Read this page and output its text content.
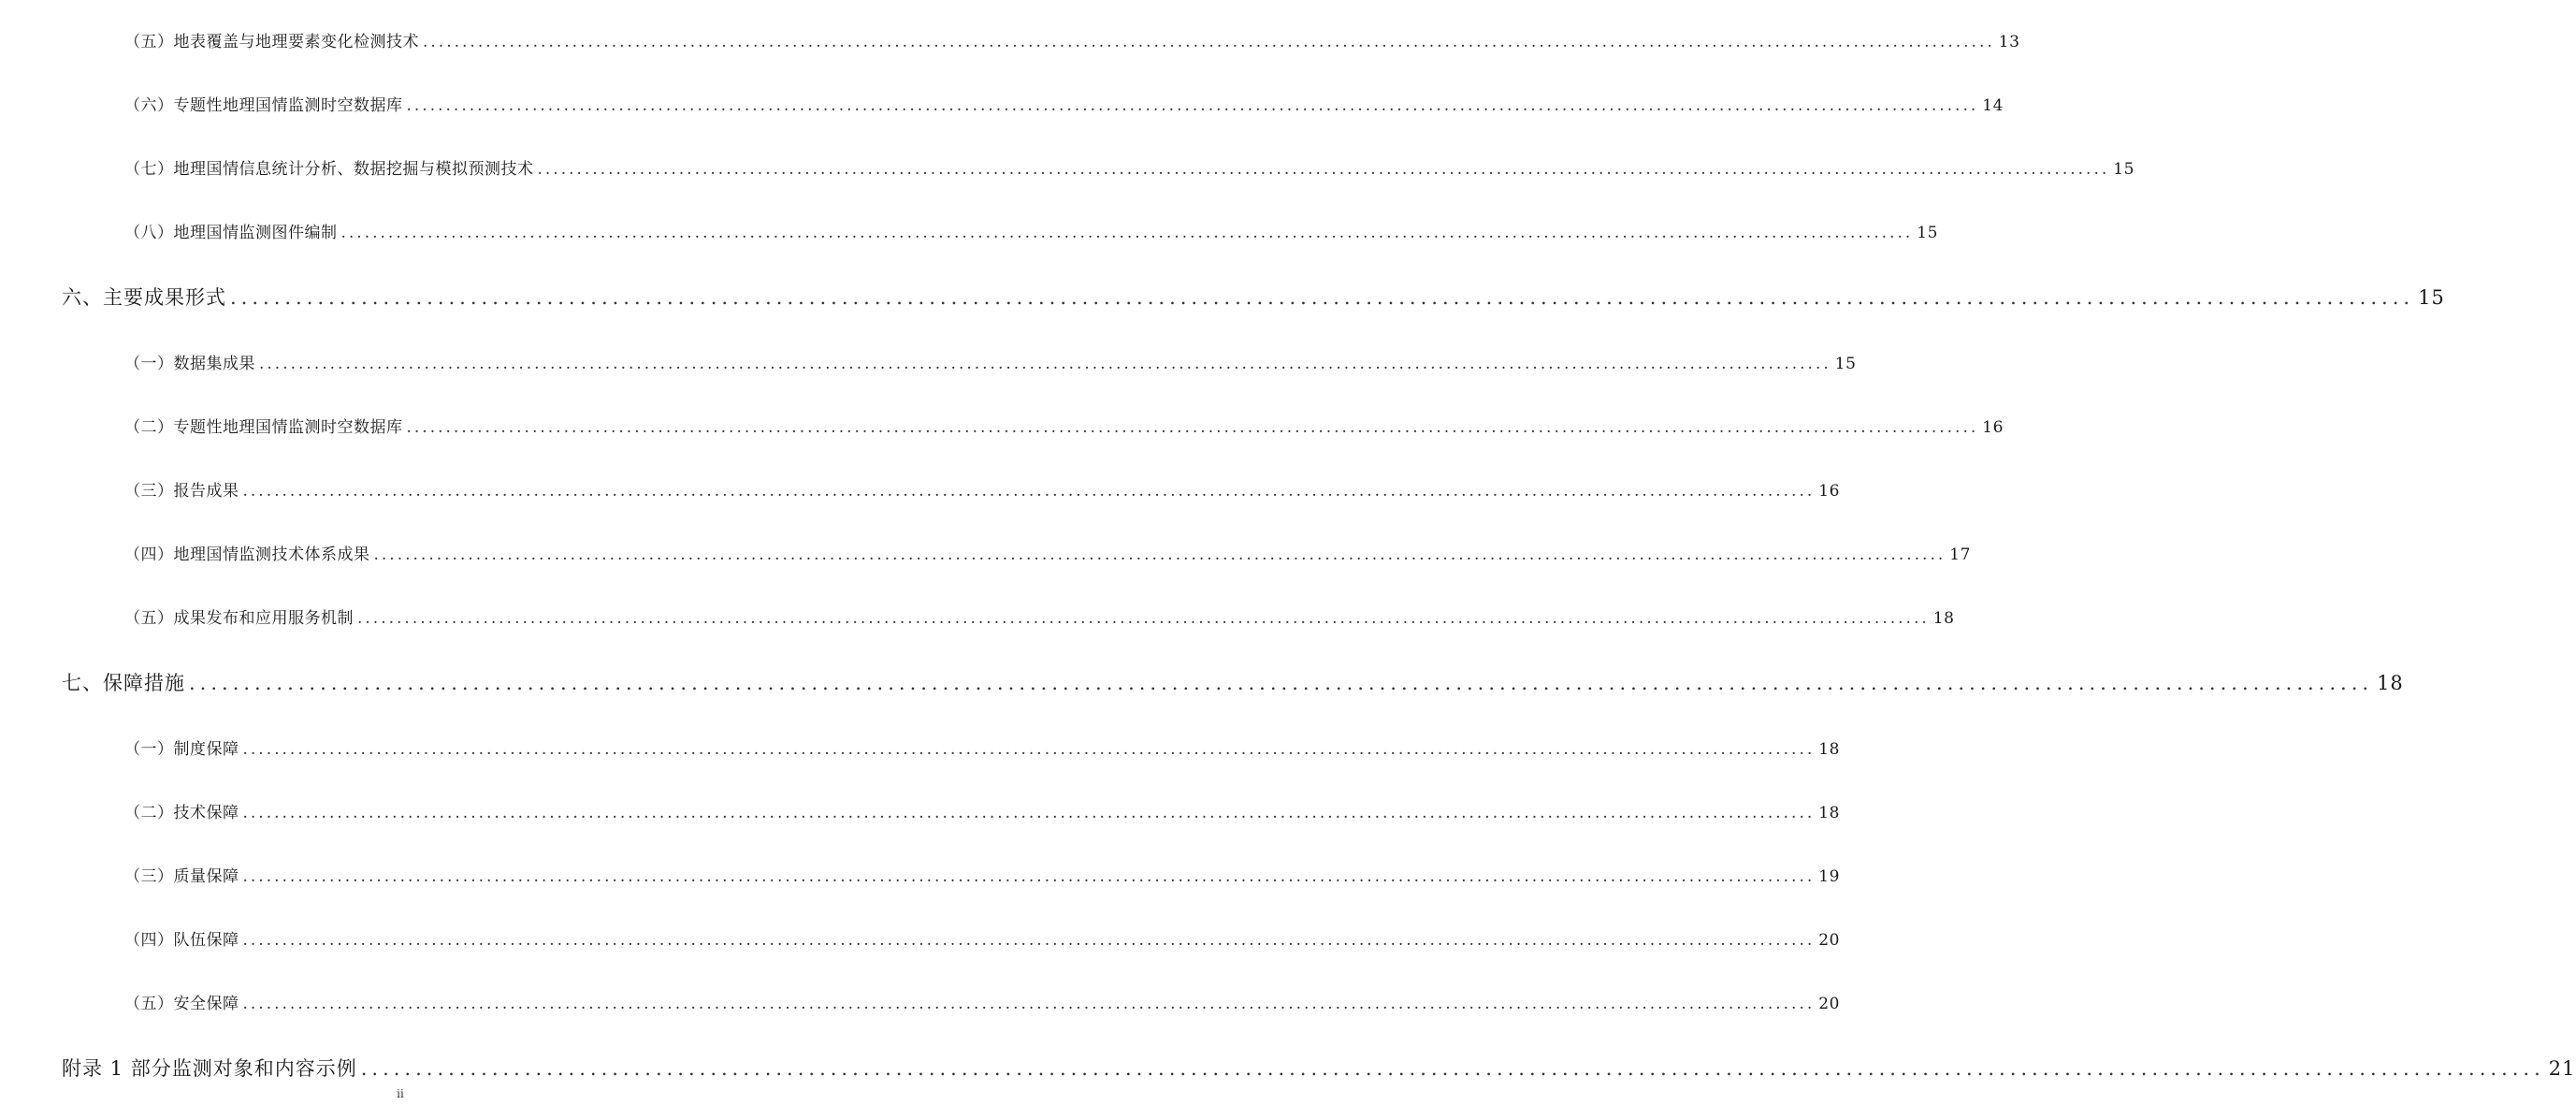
（五）地表覆盖与地理要素变化检测技术 ........................................................................................................................................................................................................ 13
（六）专题性地理国情监测时空数据库 ........................................................................................................................................................................................................ 14
（七）地理国情信息统计分析、数据挖掘与模拟预测技术 ........................................................................................................................................................................................................ 15
（八）地理国情监测图件编制 ........................................................................................................................................................................................................ 15
六、主要成果形式 ........................................................................................................................................................................................................ 15
（一）数据集成果 ........................................................................................................................................................................................................ 15
（二）专题性地理国情监测时空数据库 ........................................................................................................................................................................................................ 16
（三）报告成果 ........................................................................................................................................................................................................ 16
（四）地理国情监测技术体系成果 ........................................................................................................................................................................................................ 17
（五）成果发布和应用服务机制 ........................................................................................................................................................................................................ 18
七、保障措施 ........................................................................................................................................................................................................ 18
（一）制度保障 ........................................................................................................................................................................................................ 18
（二）技术保障 ........................................................................................................................................................................................................ 18
（三）质量保障 ........................................................................................................................................................................................................ 19
（四）队伍保障 ........................................................................................................................................................................................................ 20
（五）安全保障 ........................................................................................................................................................................................................ 20
附录 1 部分监测对象和内容示例 ........................................................................................................................................................................................................ 21
ii
